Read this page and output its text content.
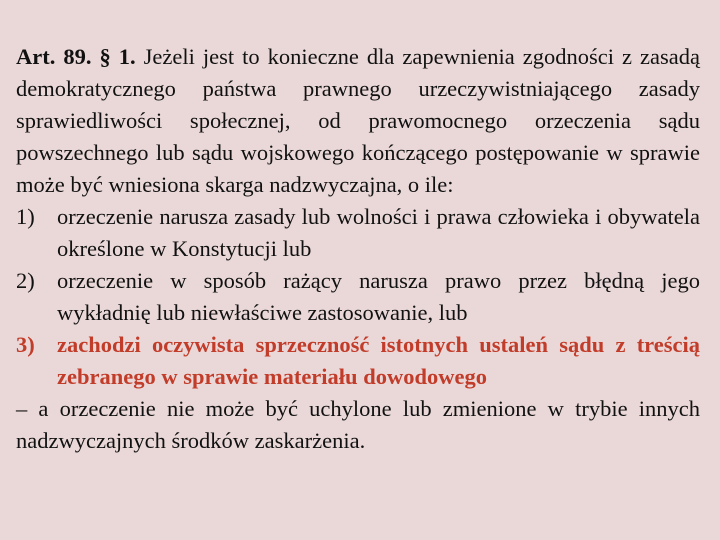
Art. 89. § 1. Jeżeli jest to konieczne dla zapewnienia zgodności z zasadą demokratycznego państwa prawnego urzeczywistniającego zasady sprawiedliwości społecznej, od prawomocnego orzeczenia sądu powszechnego lub sądu wojskowego kończącego postępowanie w sprawie może być wniesiona skarga nadzwyczajna, o ile:

1) orzeczenie narusza zasady lub wolności i prawa człowieka i obywatela określone w Konstytucji lub
2) orzeczenie w sposób rażący narusza prawo przez błędną jego wykładnię lub niewłaściwe zastosowanie, lub
3) zachodzi oczywista sprzeczność istotnych ustaleń sądu z treścią zebranego w sprawie materiału dowodowego

– a orzeczenie nie może być uchylone lub zmienione w trybie innych nadzwyczajnych środków zaskarżenia.
